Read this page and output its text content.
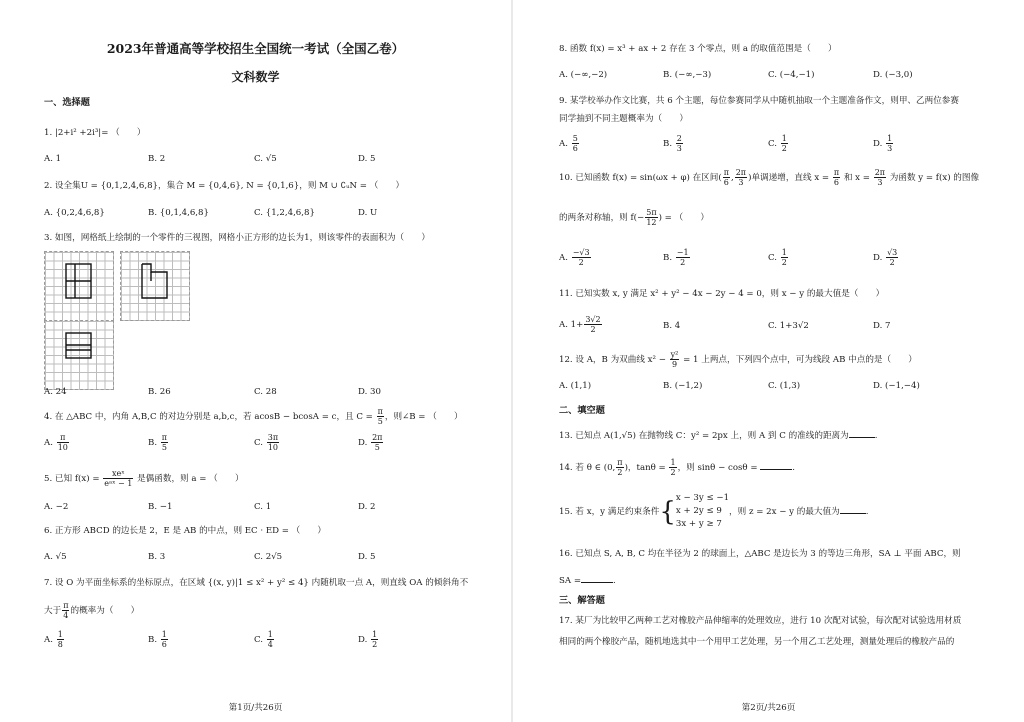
2023年普通高等学校招生全国统一考试（全国乙卷）
文科数学
一、选择题
1. |2+i² +2i³|= （　　）
A. 1	B. 2	C. √5	D. 5
2. 设全集U = {0,1,2,4,6,8}，集合 M = {0,4,6}, N = {0,1,6}，则 M ∪ ∁ᵤN = （　　）
A. {0,2,4,6,8}	B. {0,1,4,6,8}	C. {1,2,4,6,8}	D. U
3. 如图，网格纸上绘制的一个零件的三视图，网格小正方形的边长为1，则该零件的表面积为（　　）
A. 24	B. 26	C. 28	D. 30
4. 在 △ABC 中，内角 A,B,C 的对边分别是 a,b,c，若 acosB − bcosA = c，且 $C = \frac{\pi}{5}$ ，则∠B = （　　）
A. $\frac{\pi}{10}$	B. $\frac{\pi}{5}$	C. $\frac{3\pi}{10}$	D. $\frac{2\pi}{5}$
5. 已知 $f(x) = \frac{\text{xeˣ}}{\text{eᵃˣ − 1}}$ 是偶函数，则 a = （　　）
A. −2	B. −1	C. 1	D. 2
6. 正方形 ABCD 的边长是 2，E 是 AB 的中点，则 EC · ED = （　　）
A. √5	B. 3	C. 2√5	D. 5
7. 设 O 为平面坐标系的坐标原点，在区域 {(x, y)|1 ≤ x² + y² ≤ 4} 内随机取一点 A，则直线 OA 的倾斜角不
大于 $\frac{\pi}{4}$ 的概率为（　　）
A. $\frac{1}{8}$	B. $\frac{1}{6}$	C. $\frac{1}{4}$	D. $\frac{1}{2}$
第1页/共26页
8. 函数 f(x) = x³ + ax + 2 存在 3 个零点，则 a 的取值范围是（　　）
A. (−∞,−2)	B. (−∞,−3)	C. (−4,−1)	D. (−3,0)
9. 某学校举办作文比赛，共 6 个主题，每位参赛同学从中随机抽取一个主题准备作文，则甲、乙两位参赛
同学抽到不同主题概率为（　　）
A. $\frac{5}{6}$	B. $\frac{2}{3}$	C. $\frac{1}{2}$	D. $\frac{1}{3}$
10. 已知函数 f(x) = sin(ωx + φ) 在区间( $\frac{\pi}{6}$ , $\frac{2\pi}{3}$ )单调递增，直线 $x = \frac{\pi}{6}$ 和 $x = \frac{2\pi}{3}$ 为函数 y = f(x) 的图像
的两条对称轴，则 $f(- \frac{5\pi}{12}$ ) = （　　）
A. $\frac{-√3}{2}$	B. $\frac{-1}{2}$	C. $\frac{1}{2}$	D. $\frac{√3}{2}$
11. 已知实数 x, y 满足 x² + y² − 4x − 2y − 4 = 0，则 x − y 的最大值是（　　）
A. $1+ \frac{3√2}{2}$	B. 4	C. 1+3√2	D. 7
12. 设 A，B 为双曲线 $x^2 - \frac{\text{y²}}{9} = 1$ 上两点，下列四个点中，可为线段 AB 中点的是（　　）
A. (1,1)	B. (−1,2)	C. (1,3)	D. (−1,−4)
二、填空题
13. 已知点 A(1,√5) 在抛物线 C：y² = 2px 上，则 A 到 C 的准线的距离为	.
14. 若 θ ∈ (0, $\frac{\pi}{2}$ )，$\tan\theta = \frac{1}{2}$ ，则 sinθ − cosθ =	.
15. 若 x，y 满足约束条件{ x − 3y ≤ −1
x + 2y ≤ 9
3x + y ≥ 7
，则 z = 2x − y 的最大值为	.
16. 已知点 S, A, B, C 均在半径为 2 的球面上，△ABC 是边长为 3 的等边三角形，SA ⊥ 平面 ABC，则
SA =	.
三、解答题
17. 某厂为比较甲乙两种工艺对橡胶产品伸缩率的处理效应，进行 10 次配对试验，每次配对试验选用材质
相同的两个橡胶产品，随机地选其中一个用甲工艺处理，另一个用乙工艺处理，测量处理后的橡胶产品的
第2页/共26页
